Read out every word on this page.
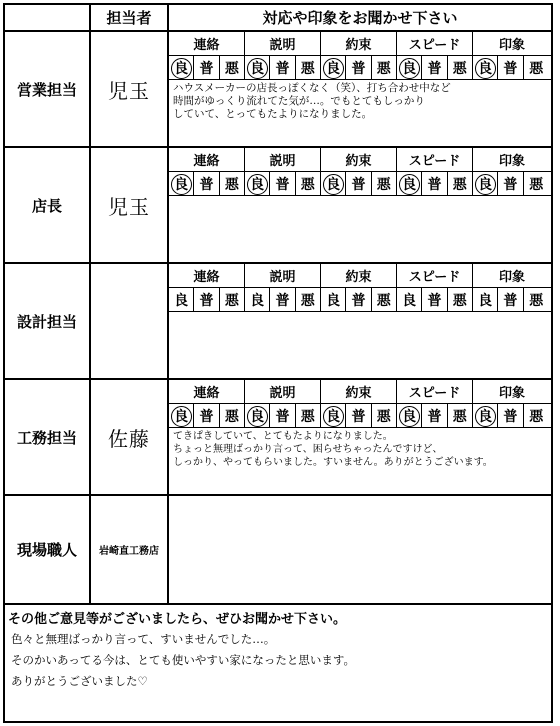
担当者	対応や印象をお聞かせ下さい
営業担当	児玉
連絡	説明	約束	スピード	印象
良 普 悪 良 普 悪 良 普 悪 良 普 悪 良 普 悪
ハウスメーカーの店長っぽくなく（笑）、打ち合わせ中など
時間がゆっくり流れてた気が…。でもとてもしっかり
していて、とってもたよりになりました。
店長	児玉
連絡	説明	約束	スピード	印象
良 普 悪 良 普 悪 良 普 悪 良 普 悪 良 普 悪
設計担当
連絡	説明	約束	スピード	印象
良 普 悪 良 普 悪 良 普 悪 良 普 悪 良 普 悪
工務担当	佐藤
連絡	説明	約束	スピード	印象
良 普 悪 良 普 悪 良 普 悪 良 普 悪 良 普 悪
てきぱきしていて、とてもたよりになりました。
ちょっと無理ばっかり言って、困らせちゃったんですけど、
しっかり、やってもらいました。すいません。ありがとうございます。
現場職人	岩崎直工務店
その他ご意見等がございましたら、ぜひお聞かせ下さい。
色々と無理ばっかり言って、すいませんでした…。
そのかいあってる今は、とても使いやすい家になったと思います。
ありがとうございました♡
